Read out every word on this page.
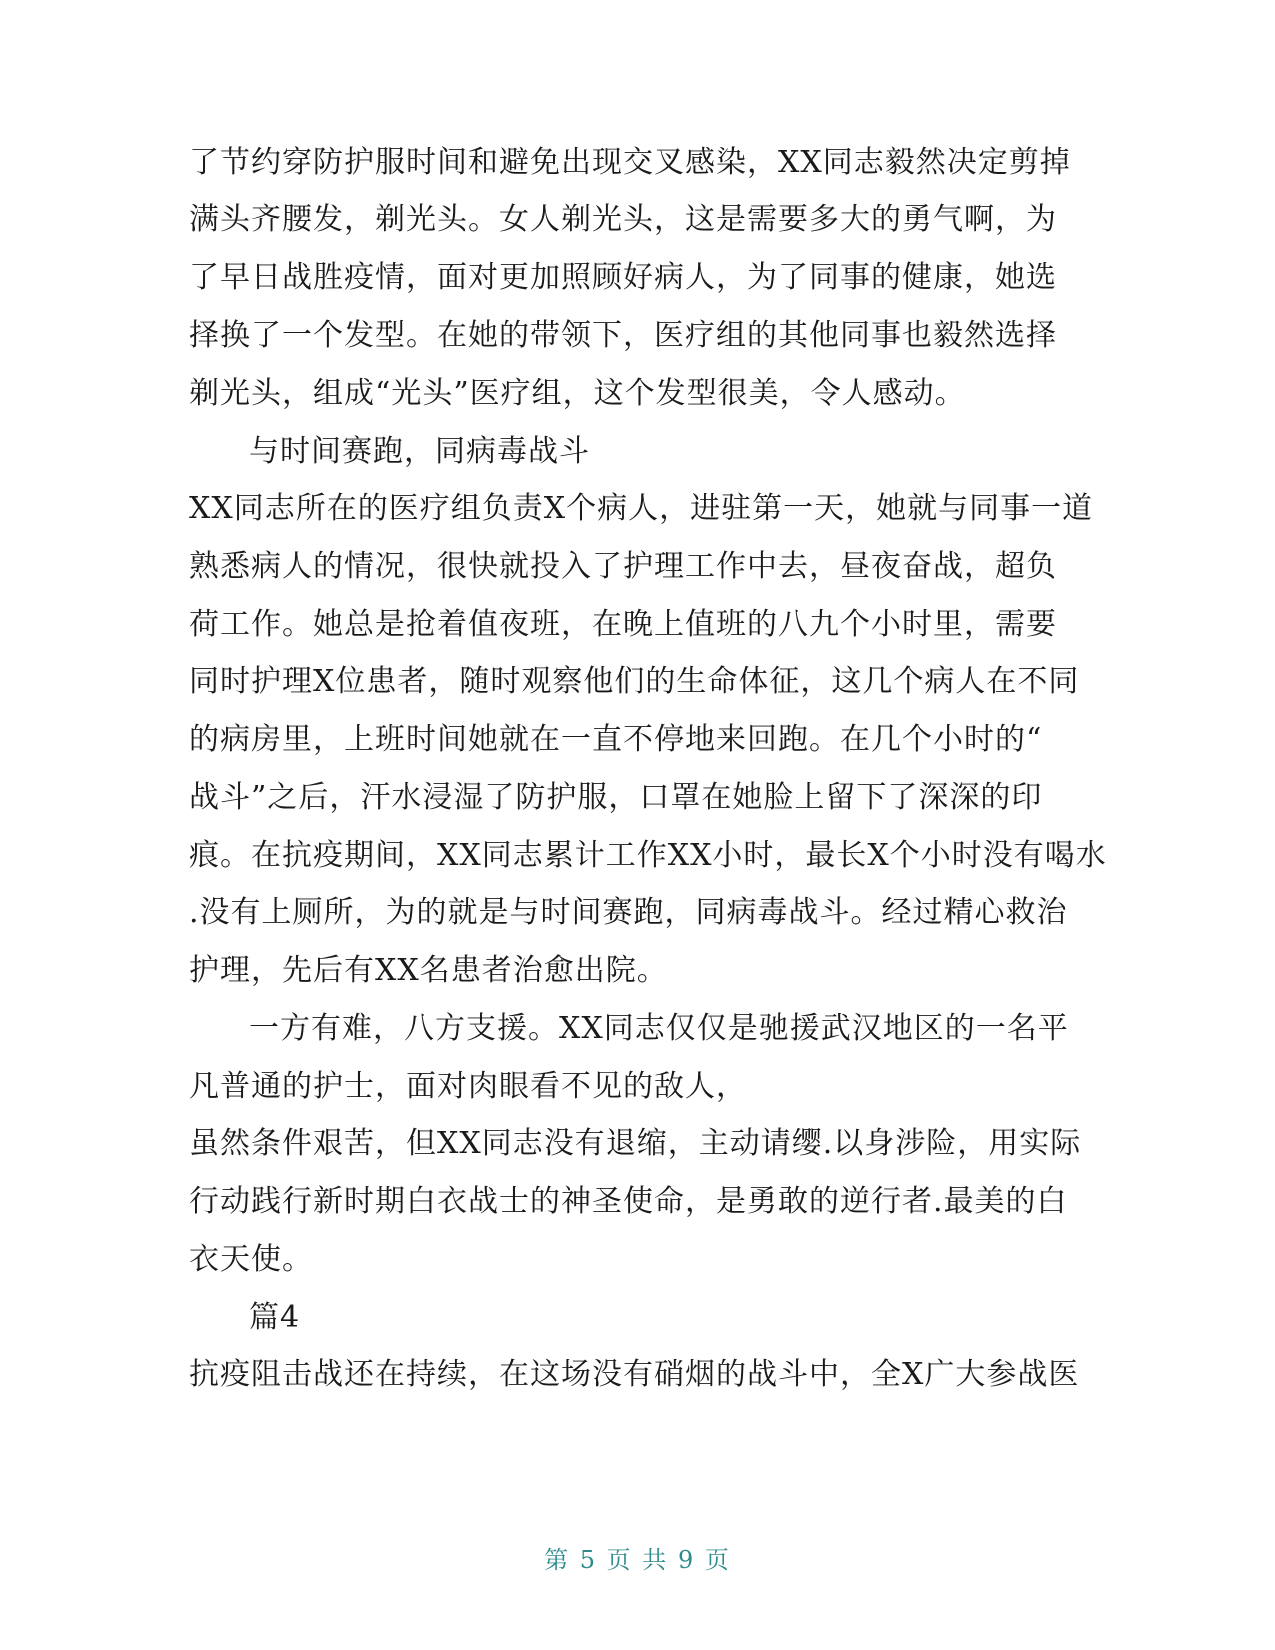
了节约穿防护服时间和避免出现交叉感染，XX同志毅然决定剪掉
满头齐腰发，剃光头。女人剃光头，这是需要多大的勇气啊，为
了早日战胜疫情，面对更加照顾好病人，为了同事的健康，她选
择换了一个发型。在她的带领下，医疗组的其他同事也毅然选择
剃光头，组成“光头”医疗组，这个发型很美，令人感动。
与时间赛跑，同病毒战斗
XX同志所在的医疗组负责X个病人，进驻第一天，她就与同事一道
熟悉病人的情况，很快就投入了护理工作中去，昼夜奋战，超负
荷工作。她总是抢着值夜班，在晚上值班的八九个小时里，需要
同时护理X位患者，随时观察他们的生命体征，这几个病人在不同
的病房里，上班时间她就在一直不停地来回跑。在几个小时的“
战斗”之后，汗水浸湿了防护服，口罩在她脸上留下了深深的印
痕。在抗疫期间，XX同志累计工作XX小时，最长X个小时没有喝水
.没有上厕所，为的就是与时间赛跑，同病毒战斗。经过精心救治
护理，先后有XX名患者治愈出院。
一方有难，八方支援。XX同志仅仅是驰援武汉地区的一名平
凡普通的护士，面对肉眼看不见的敌人，
虽然条件艰苦，但XX同志没有退缩，主动请缨.以身涉险，用实际
行动践行新时期白衣战士的神圣使命，是勇敢的逆行者.最美的白
衣天使。
篇4
抗疫阻击战还在持续，在这场没有硝烟的战斗中，全X广大参战医
第 5 页 共 9 页
